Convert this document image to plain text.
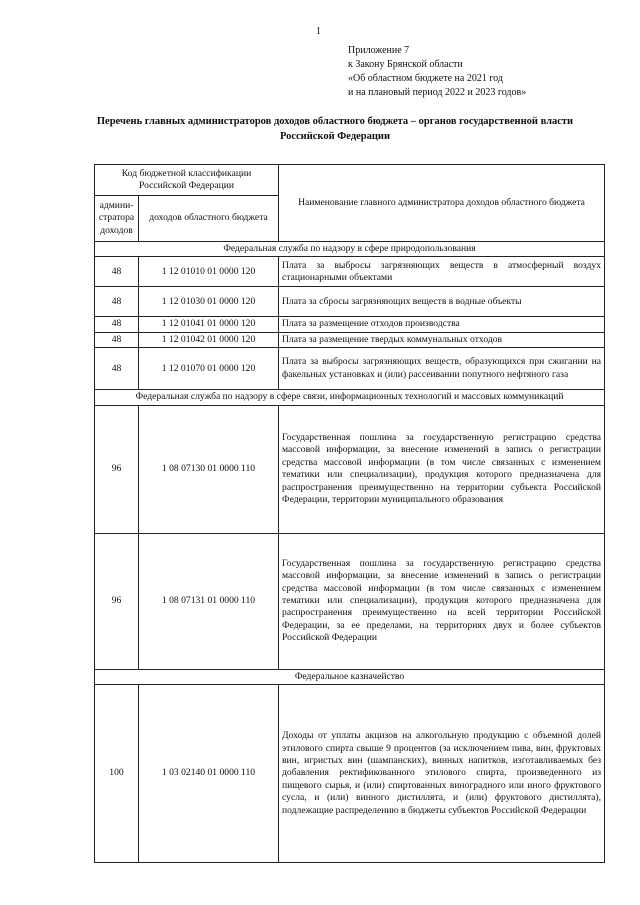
1
Приложение 7
к Закону Брянской области
«Об областном бюджете на 2021 год
и на плановый период 2022 и 2023 годов»
Перечень главных администраторов доходов областного бюджета – органов государственной власти Российской Федерации
Код бюджетной классификации Российской Федерации		Наименование главного администратора доходов областного бюджета
админи-стратора доходов	доходов областного бюджета	
Федеральная служба по надзору в сфере природопользования		
48	1 12 01010 01 0000 120	Плата за выбросы загрязняющих веществ в атмосферный воздух стационарными объектами
48	1 12 01030 01 0000 120	Плата за сбросы загрязняющих веществ в водные объекты
48	1 12 01041 01 0000 120	Плата за размещение отходов производства
48	1 12 01042 01 0000 120	Плата за размещение твердых коммунальных отходов
48	1 12 01070 01 0000 120	Плата за выбросы загрязняющих веществ, образующихся при сжигании на факельных установках и (или) рассеивании попутного нефтяного газа
Федеральная служба по надзору в сфере связи, информационных технологий и массовых коммуникаций		
96	1 08 07130 01 0000 110	Государственная пошлина за государственную регистрацию средства массовой информации, за внесение изменений в запись о регистрации средства массовой информации (в том числе связанных с изменением тематики или специализации), продукция которого предназначена для распространения преимущественно на территории субъекта Российской Федерации, территории муниципального образования
96	1 08 07131 01 0000 110	Государственная пошлина за государственную регистрацию средства массовой информации, за внесение изменений в запись о регистрации средства массовой информации (в том числе связанных с изменением тематики или специализации), продукция которого предназначена для распространения преимущественно на всей территории Российской Федерации, за ее пределами, на территориях двух и более субъектов Российской Федерации
Федеральное казначейство		
100	1 03 02140 01 0000 110	Доходы от уплаты акцизов на алкогольную продукцию с объемной долей этилового спирта свыше 9 процентов (за исключением пива, вин, фруктовых вин, игристых вин (шампанских), винных напитков, изготавливаемых без добавления ректификованного этилового спирта, произведенного из пищевого сырья, и (или) спиртованных виноградного или иного фруктового сусла, и (или) винного дистиллята, и (или) фруктового дистиллята), подлежащие распределению в бюджеты субъектов Российской Федерации
